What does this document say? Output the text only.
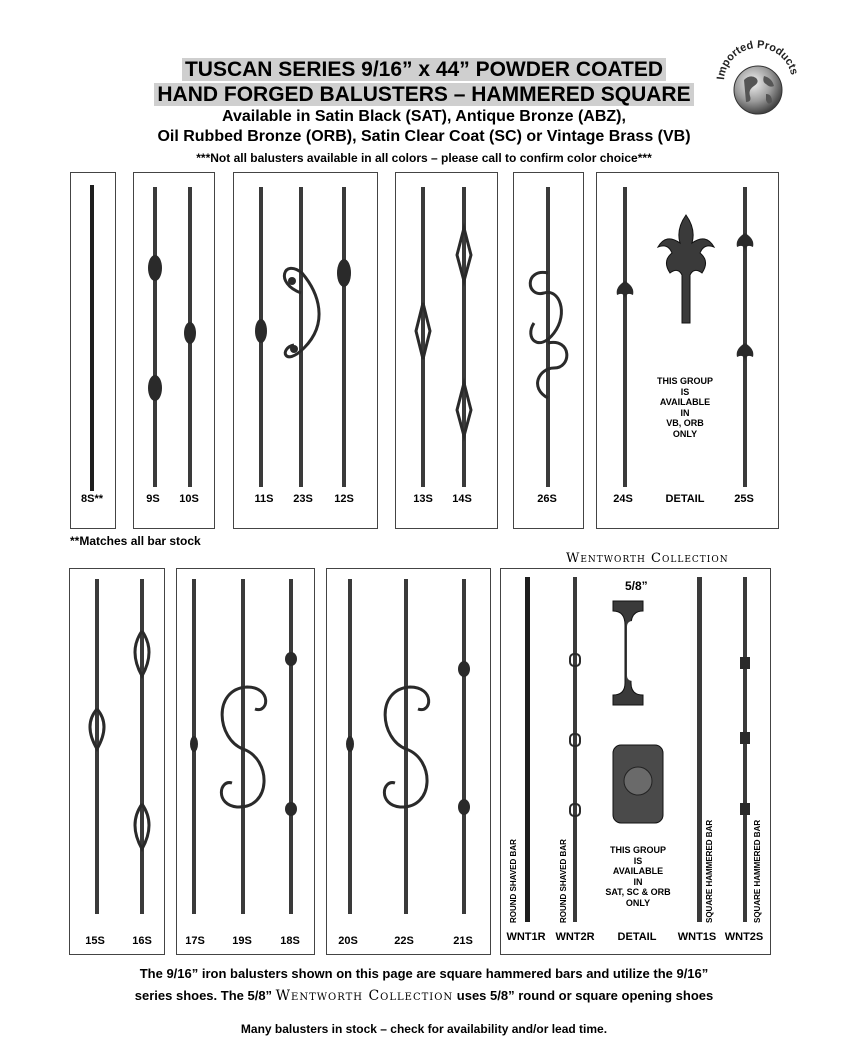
TUSCAN SERIES 9/16” x 44” POWDER COATED
HAND FORGED BALUSTERS – HAMMERED SQUARE
Available in Satin Black (SAT), Antique Bronze (ABZ),
Oil Rubbed Bronze (ORB), Satin Clear Coat (SC) or Vintage Brass (VB)
***Not all balusters available in all colors – please call to confirm color choice***
Imported Products
THIS GROUP
IS
AVAILABLE
IN
VB, ORB
ONLY
8S**	9S	10S	11S	23S	12S	13S	14S	26S	24S	DETAIL	25S
**Matches all bar stock
Wentworth Collection
5/8”
THIS GROUP
IS
AVAILABLE
IN
SAT, SC & ORB
ONLY
ROUND SHAVED BAR	ROUND SHAVED BAR	SQUARE HAMMERED BAR	SQUARE HAMMERED BAR
15S	16S	17S	19S	18S	20S	22S	21S	WNT1R WNT2R	DETAIL	WNT1S WNT2S
The 9/16” iron balusters shown on this page are square hammered bars and utilize the 9/16”
series shoes. The 5/8” Wentworth Collection uses 5/8” round or square opening shoes
Many balusters in stock – check for availability and/or lead time.
